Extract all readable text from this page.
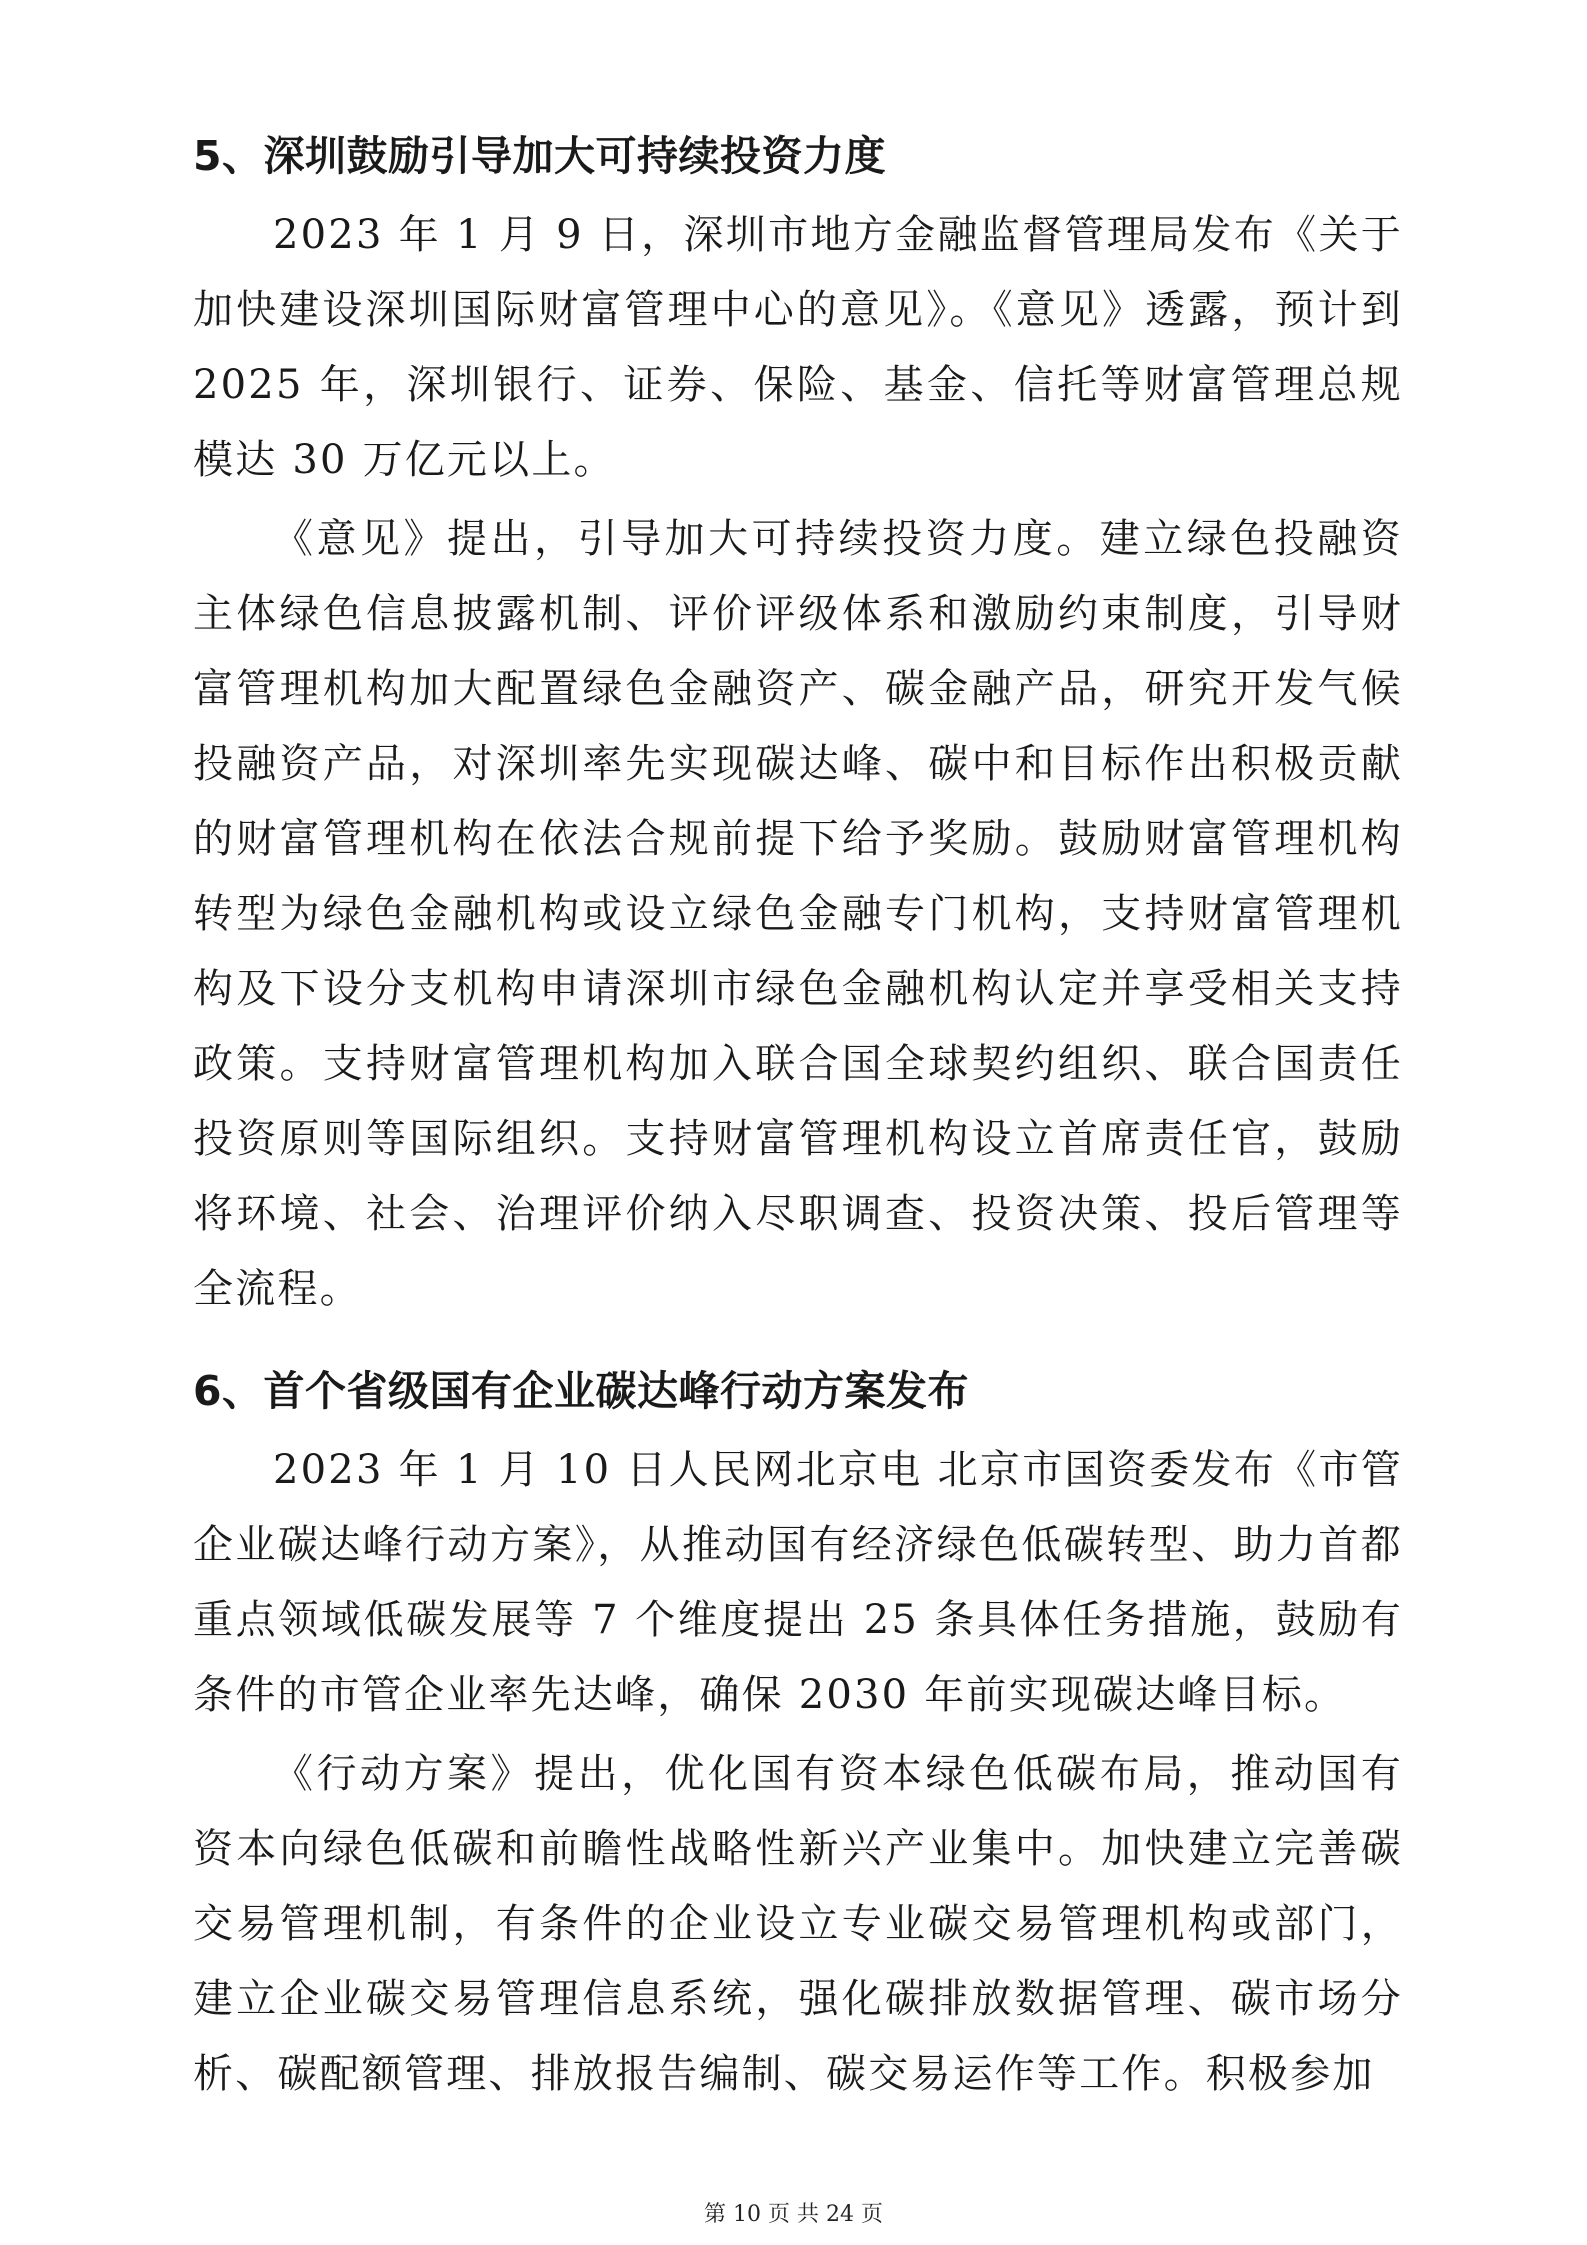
5、深圳鼓励引导加大可持续投资力度

2023 年 1 月 9 日，深圳市地方金融监督管理局发布《关于加快建设深圳国际财富管理中心的意见》。《意见》透露，预计到 2025 年，深圳银行、证券、保险、基金、信托等财富管理总规模达 30 万亿元以上。

《意见》提出，引导加大可持续投资力度。建立绿色投融资主体绿色信息披露机制、评价评级体系和激励约束制度，引导财富管理机构加大配置绿色金融资产、碳金融产品，研究开发气候投融资产品，对深圳率先实现碳达峰、碳中和目标作出积极贡献的财富管理机构在依法合规前提下给予奖励。鼓励财富管理机构转型为绿色金融机构或设立绿色金融专门机构，支持财富管理机构及下设分支机构申请深圳市绿色金融机构认定并享受相关支持政策。支持财富管理机构加入联合国全球契约组织、联合国责任投资原则等国际组织。支持财富管理机构设立首席责任官，鼓励将环境、社会、治理评价纳入尽职调查、投资决策、投后管理等全流程。

6、首个省级国有企业碳达峰行动方案发布

2023 年 1 月 10 日人民网北京电 北京市国资委发布《市管企业碳达峰行动方案》，从推动国有经济绿色低碳转型、助力首都重点领域低碳发展等 7 个维度提出 25 条具体任务措施，鼓励有条件的市管企业率先达峰，确保 2030 年前实现碳达峰目标。

《行动方案》提出，优化国有资本绿色低碳布局，推动国有资本向绿色低碳和前瞻性战略性新兴产业集中。加快建立完善碳交易管理机制，有条件的企业设立专业碳交易管理机构或部门，建立企业碳交易管理信息系统，强化碳排放数据管理、碳市场分析、碳配额管理、排放报告编制、碳交易运作等工作。积极参加

第 10 页 共 24 页
